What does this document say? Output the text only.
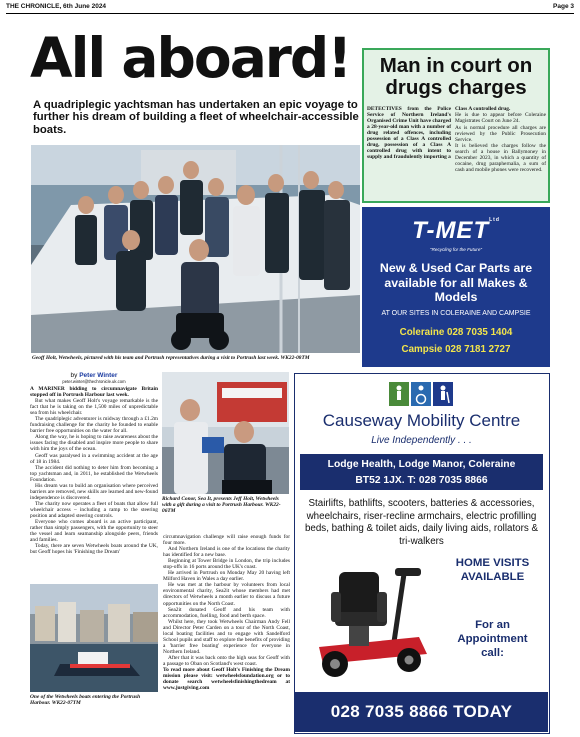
THE CHRONICLE, 6th June 2024	Page 3
All aboard!
A quadriplegic yachtsman has undertaken an epic voyage to further his dream of building a fleet of wheelchair-accessible boats.
Geoff Holt, Wetwheels, pictured with his team and Portrush representatives during a visit to Portrush last week. WK22-08TM
Man in court on drugs charges
DETECTIVES from the Police Service of Northern Ireland's Organised Crime Unit have charged a 28-year-old man with a number of drug related offences, including possession of a Class A controlled drug, possession of a Class A controlled drug with intent to supply and fraudulently importing a

Class A controlled drug.

He is due to appear before Coleraine Magistrates Court on June 24.

As is normal procedure all charges are reviewed by the Public Prosecution Service.

It is believed the charges follow the search of a house in Ballymoney in December 2023, in which a quantity of cocaine, drug paraphernalia, a sum of cash and mobile phones were recovered.

$T-MET^{Ltd}$
"Recycling for the Future"
New & Used Car Parts are available for all Makes & Models
AT OUR SITES IN COLERAINE AND CAMPSIE
Coleraine 028 7035 1404
Campsie 028 7181 2727
by Peter Winter
peter.winter@thechronicle.uk.com

A MARINER bidding to circumnavigate Britain stopped off in Portrush Harbour last week.

But what makes Geoff Holt's voyage remarkable is the fact that he is taking on the 1,500 miles of unpredictable sea from his wheelchair.

The quadriplegic adventurer is midway through a £1.2m fundraising challenge for the charity he founded to enable barrier free opportunities on the water for all.

Along the way, he is hoping to raise awareness about the issues facing the disabled and inspire more people to share with him the joys of the ocean.

Geoff was paralysed in a swimming accident at the age of 18 in 1984.

The accident did nothing to deter him from becoming a top yachtsman and, in 2011, he established the Wetwheels Foundation.

His dream was to build an organisation where perceived barriers are removed, new skills are learned and new-found independence is discovered.

The charity now operates a fleet of boats that allow full wheelchair access – including a ramp to the steering position and adapted steering controls.

Everyone who comes aboard is an active participant, rather than simply passengers, with the opportunity to steer the vessel and learn seamanship alongside peers, friends and families.

Today, there are seven Wetwheels boats around the UK, but Geoff hopes his 'Finishing the Dream'

One of the Wetwheels boats entering the Portrush Harbour. WK22-07TM
Richard Conor, Sea It, presents Jeff Holt, Wetwheels with a gift during a visit to Portrush Harbour. WK22-06TM

circumnavigation challenge will raise enough funds for four more.

And Northern Ireland is one of the locations the charity has identified for a new base.

Beginning at Tower Bridge in London, the trip includes stop-offs in 16 ports around the UK's coast.

He arrived in Portrush on Monday May 20 having left Milford Haven in Wales a day earlier.

He was met at the harbour by volunteers from local environmental charity, Sea2it whose members had met directors of Wetwheels a month earlier to discuss a future opportunities on the North Coast.

Sea2it donated Geoff and his team with accommodation, fuelling, food and berth space.

Whilst here, they took Wetwheels Chairman Andy Fell and Director Peter Carden on a tour of the North Coast, local boating facilities and to engage with Sandelford School pupils and staff to explore the benefits of providing a 'barrier free boating' experience for everyone in Northern Ireland.

After that it was back onto the high seas for Geoff with a passage to Oban on Scotland's west coast.

To read more about Geoff Holt's Finishing the Dream mission please visit: wetwheelsfoundation.org or to donate search wetwheelsfinishingthedream at www.justgiving.com

Causeway Mobility Centre
Live Independently . . .
Lodge Health, Lodge Manor, Coleraine
BT52 1JX. T: 028 7035 8866
Stairlifts, bathlifts, scooters, batteries & accessories, wheelchairs, riser-recline armchairs, electric profilling beds, bathing & toilet aids, daily living aids, rollators & tri-walkers
HOME VISITS AVAILABLE
For an Appointment call:
028 7035 8866 TODAY
